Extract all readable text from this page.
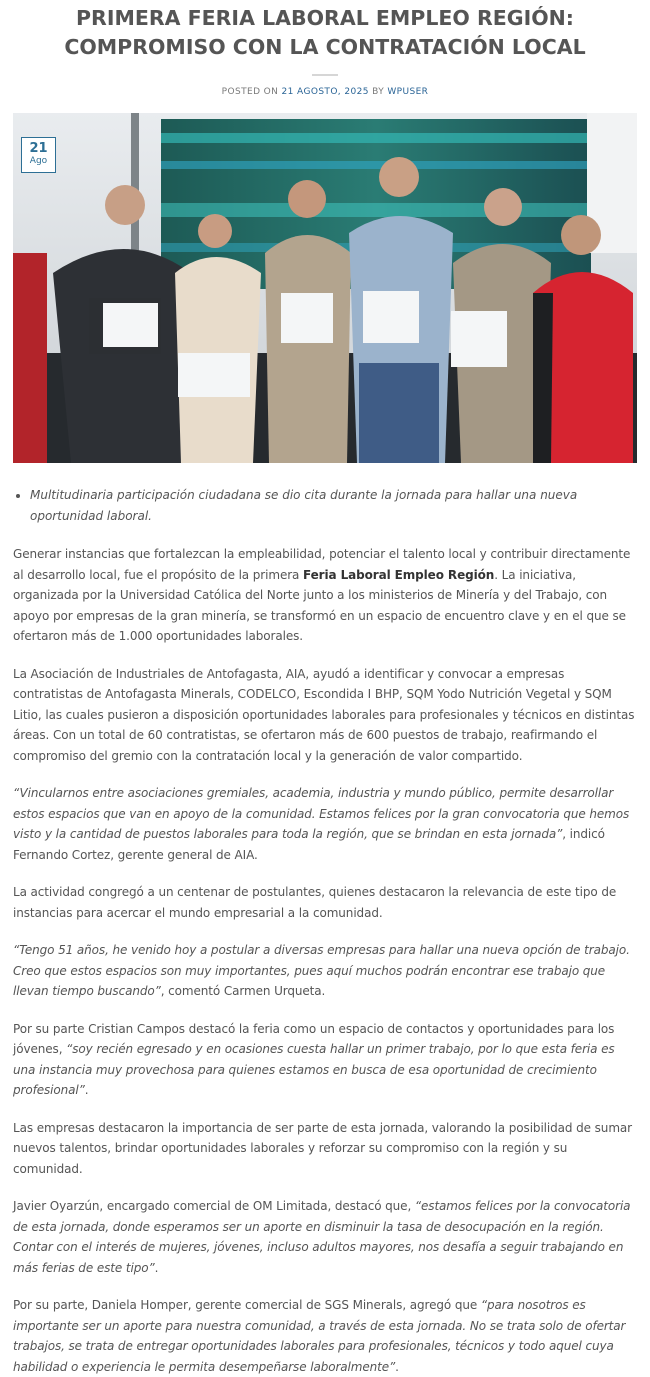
PRIMERA FERIA LABORAL EMPLEO REGIÓN:
COMPROMISO CON LA CONTRATACIÓN LOCAL
POSTED ON 21 AGOSTO, 2025 BY WPUSER
21
Ago
• Multitudinaria participación ciudadana se dio cita durante la jornada para hallar una nueva oportunidad laboral.

Generar instancias que fortalezcan la empleabilidad, potenciar el talento local y contribuir directamente al desarrollo local, fue el propósito de la primera Feria Laboral Empleo Región. La iniciativa, organizada por la Universidad Católica del Norte junto a los ministerios de Minería y del Trabajo, con apoyo por empresas de la gran minería, se transformó en un espacio de encuentro clave y en el que se ofertaron más de 1.000 oportunidades laborales.

La Asociación de Industriales de Antofagasta, AIA, ayudó a identificar y convocar a empresas contratistas de Antofagasta Minerals, CODELCO, Escondida I BHP, SQM Yodo Nutrición Vegetal y SQM Litio, las cuales pusieron a disposición oportunidades laborales para profesionales y técnicos en distintas áreas. Con un total de 60 contratistas, se ofertaron más de 600 puestos de trabajo, reafirmando el compromiso del gremio con la contratación local y la generación de valor compartido.

“Vincularnos entre asociaciones gremiales, academia, industria y mundo público, permite desarrollar estos espacios que van en apoyo de la comunidad. Estamos felices por la gran convocatoria que hemos visto y la cantidad de puestos laborales para toda la región, que se brindan en esta jornada”, indicó Fernando Cortez, gerente general de AIA.

La actividad congregó a un centenar de postulantes, quienes destacaron la relevancia de este tipo de instancias para acercar el mundo empresarial a la comunidad.

“Tengo 51 años, he venido hoy a postular a diversas empresas para hallar una nueva opción de trabajo. Creo que estos espacios son muy importantes, pues aquí muchos podrán encontrar ese trabajo que llevan tiempo buscando”, comentó Carmen Urqueta.

Por su parte Cristian Campos destacó la feria como un espacio de contactos y oportunidades para los jóvenes, “soy recién egresado y en ocasiones cuesta hallar un primer trabajo, por lo que esta feria es una instancia muy provechosa para quienes estamos en busca de esa oportunidad de crecimiento profesional”.

Las empresas destacaron la importancia de ser parte de esta jornada, valorando la posibilidad de sumar nuevos talentos, brindar oportunidades laborales y reforzar su compromiso con la región y su comunidad.

Javier Oyarzún, encargado comercial de OM Limitada, destacó que, “estamos felices por la convocatoria de esta jornada, donde esperamos ser un aporte en disminuir la tasa de desocupación en la región. Contar con el interés de mujeres, jóvenes, incluso adultos mayores, nos desafía a seguir trabajando en más ferias de este tipo”.

Por su parte, Daniela Homper, gerente comercial de SGS Minerals, agregó que “para nosotros es importante ser un aporte para nuestra comunidad, a través de esta jornada. No se trata solo de ofertar trabajos, se trata de entregar oportunidades laborales para profesionales, técnicos y todo aquel cuya habilidad o experiencia le permita desempeñarse laboralmente”.
